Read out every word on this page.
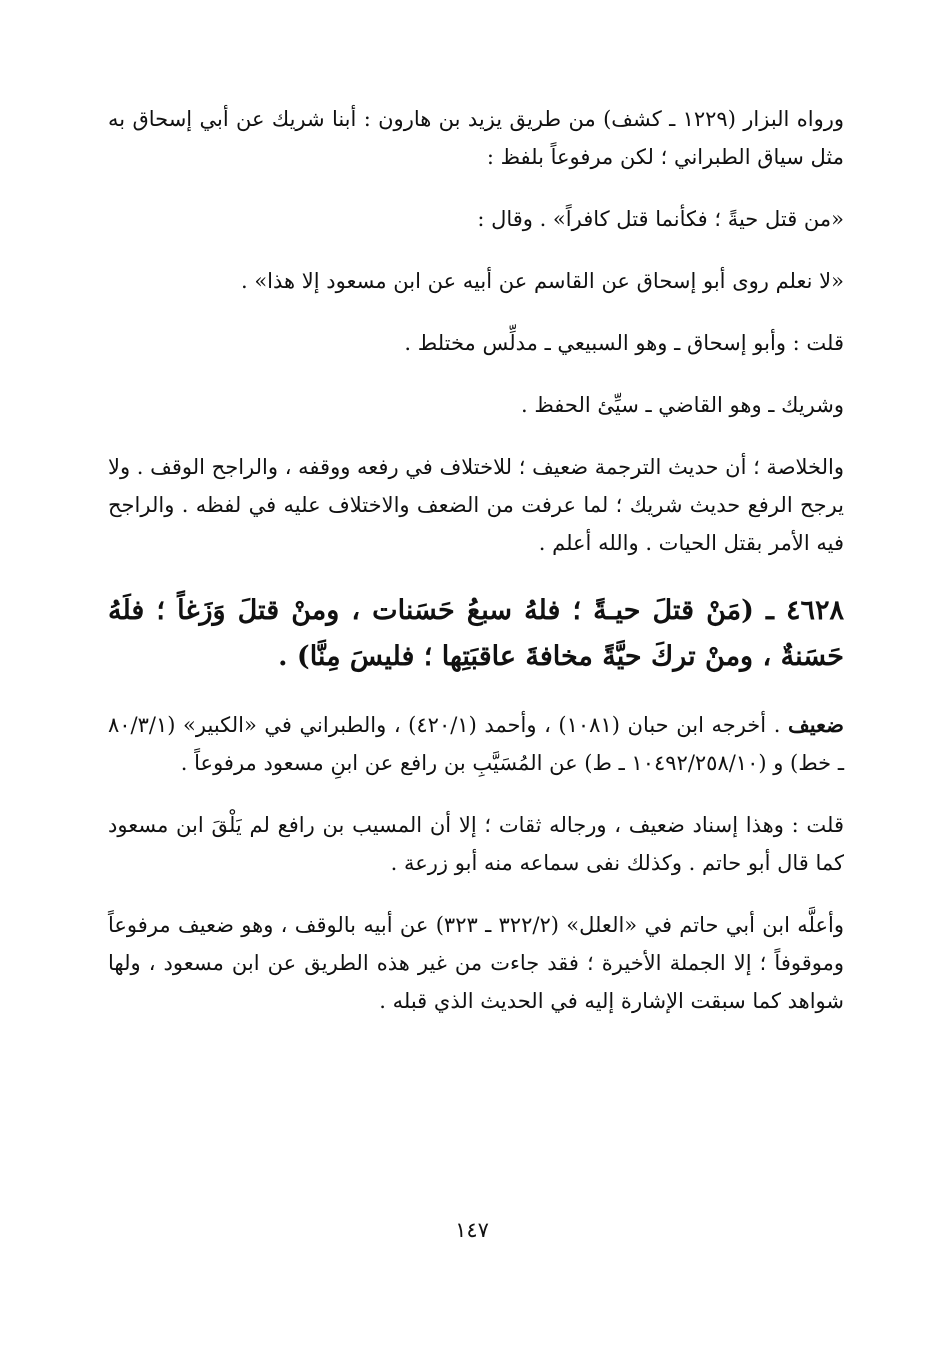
ورواه البزار (١٢٢٩ ـ كشف) من طريق يزيد بن هارون : أبنا شريك عن أبي إسحاق به مثل سياق الطبراني ؛ لكن مرفوعاً بلفظ :

«من قتل حيةً ؛ فكأنما قتل كافراً» . وقال :

«لا نعلم روى أبو إسحاق عن القاسم عن أبيه عن ابن مسعود إلا هذا» .

قلت : وأبو إسحاق ـ وهو السبيعي ـ مدلِّس مختلط .

وشريك ـ وهو القاضي ـ سيِّئ الحفظ .

والخلاصة ؛ أن حديث الترجمة ضعيف ؛ للاختلاف في رفعه ووقفه ، والراجح الوقف . ولا يرجح الرفع حديث شريك ؛ لما عرفت من الضعف والاختلاف عليه في لفظه . والراجح فيه الأمر بقتل الحيات . والله أعلم .

٤٦٢٨ ـ (مَنْ قتلَ حيـةً ؛ فلهُ سبعُ حَسَنات ، ومنْ قتلَ وَزَغاً ؛ فلَهُ حَسَنةٌ ، ومنْ تركَ حيَّةً مخافةَ عاقبَتِها ؛ فليسَ مِنَّا) .

ضعيف . أخرجه ابن حبان (١٠٨١) ، وأحمد (٤٢٠/١) ، والطبراني في «الكبير» (٨٠/٣/١ ـ خط) و (١٠٤٩٢/٢٥٨/١٠ ـ ط) عن المُسَيَّبِ بن رافع عن ابنِ مسعود مرفوعاً .

قلت : وهذا إسناد ضعيف ، ورجاله ثقات ؛ إلا أن المسيب بن رافع لم يَلْقَ ابن مسعود كما قال أبو حاتم . وكذلك نفى سماعه منه أبو زرعة .

وأعلَّه ابن أبي حاتم في «العلل» (٣٢٢/٢ ـ ٣٢٣) عن أبيه بالوقف ، وهو ضعيف مرفوعاً وموقوفاً ؛ إلا الجملة الأخيرة ؛ فقد جاءت من غير هذه الطريق عن ابن مسعود ، ولها شواهد كما سبقت الإشارة إليه في الحديث الذي قبله .

١٤٧
